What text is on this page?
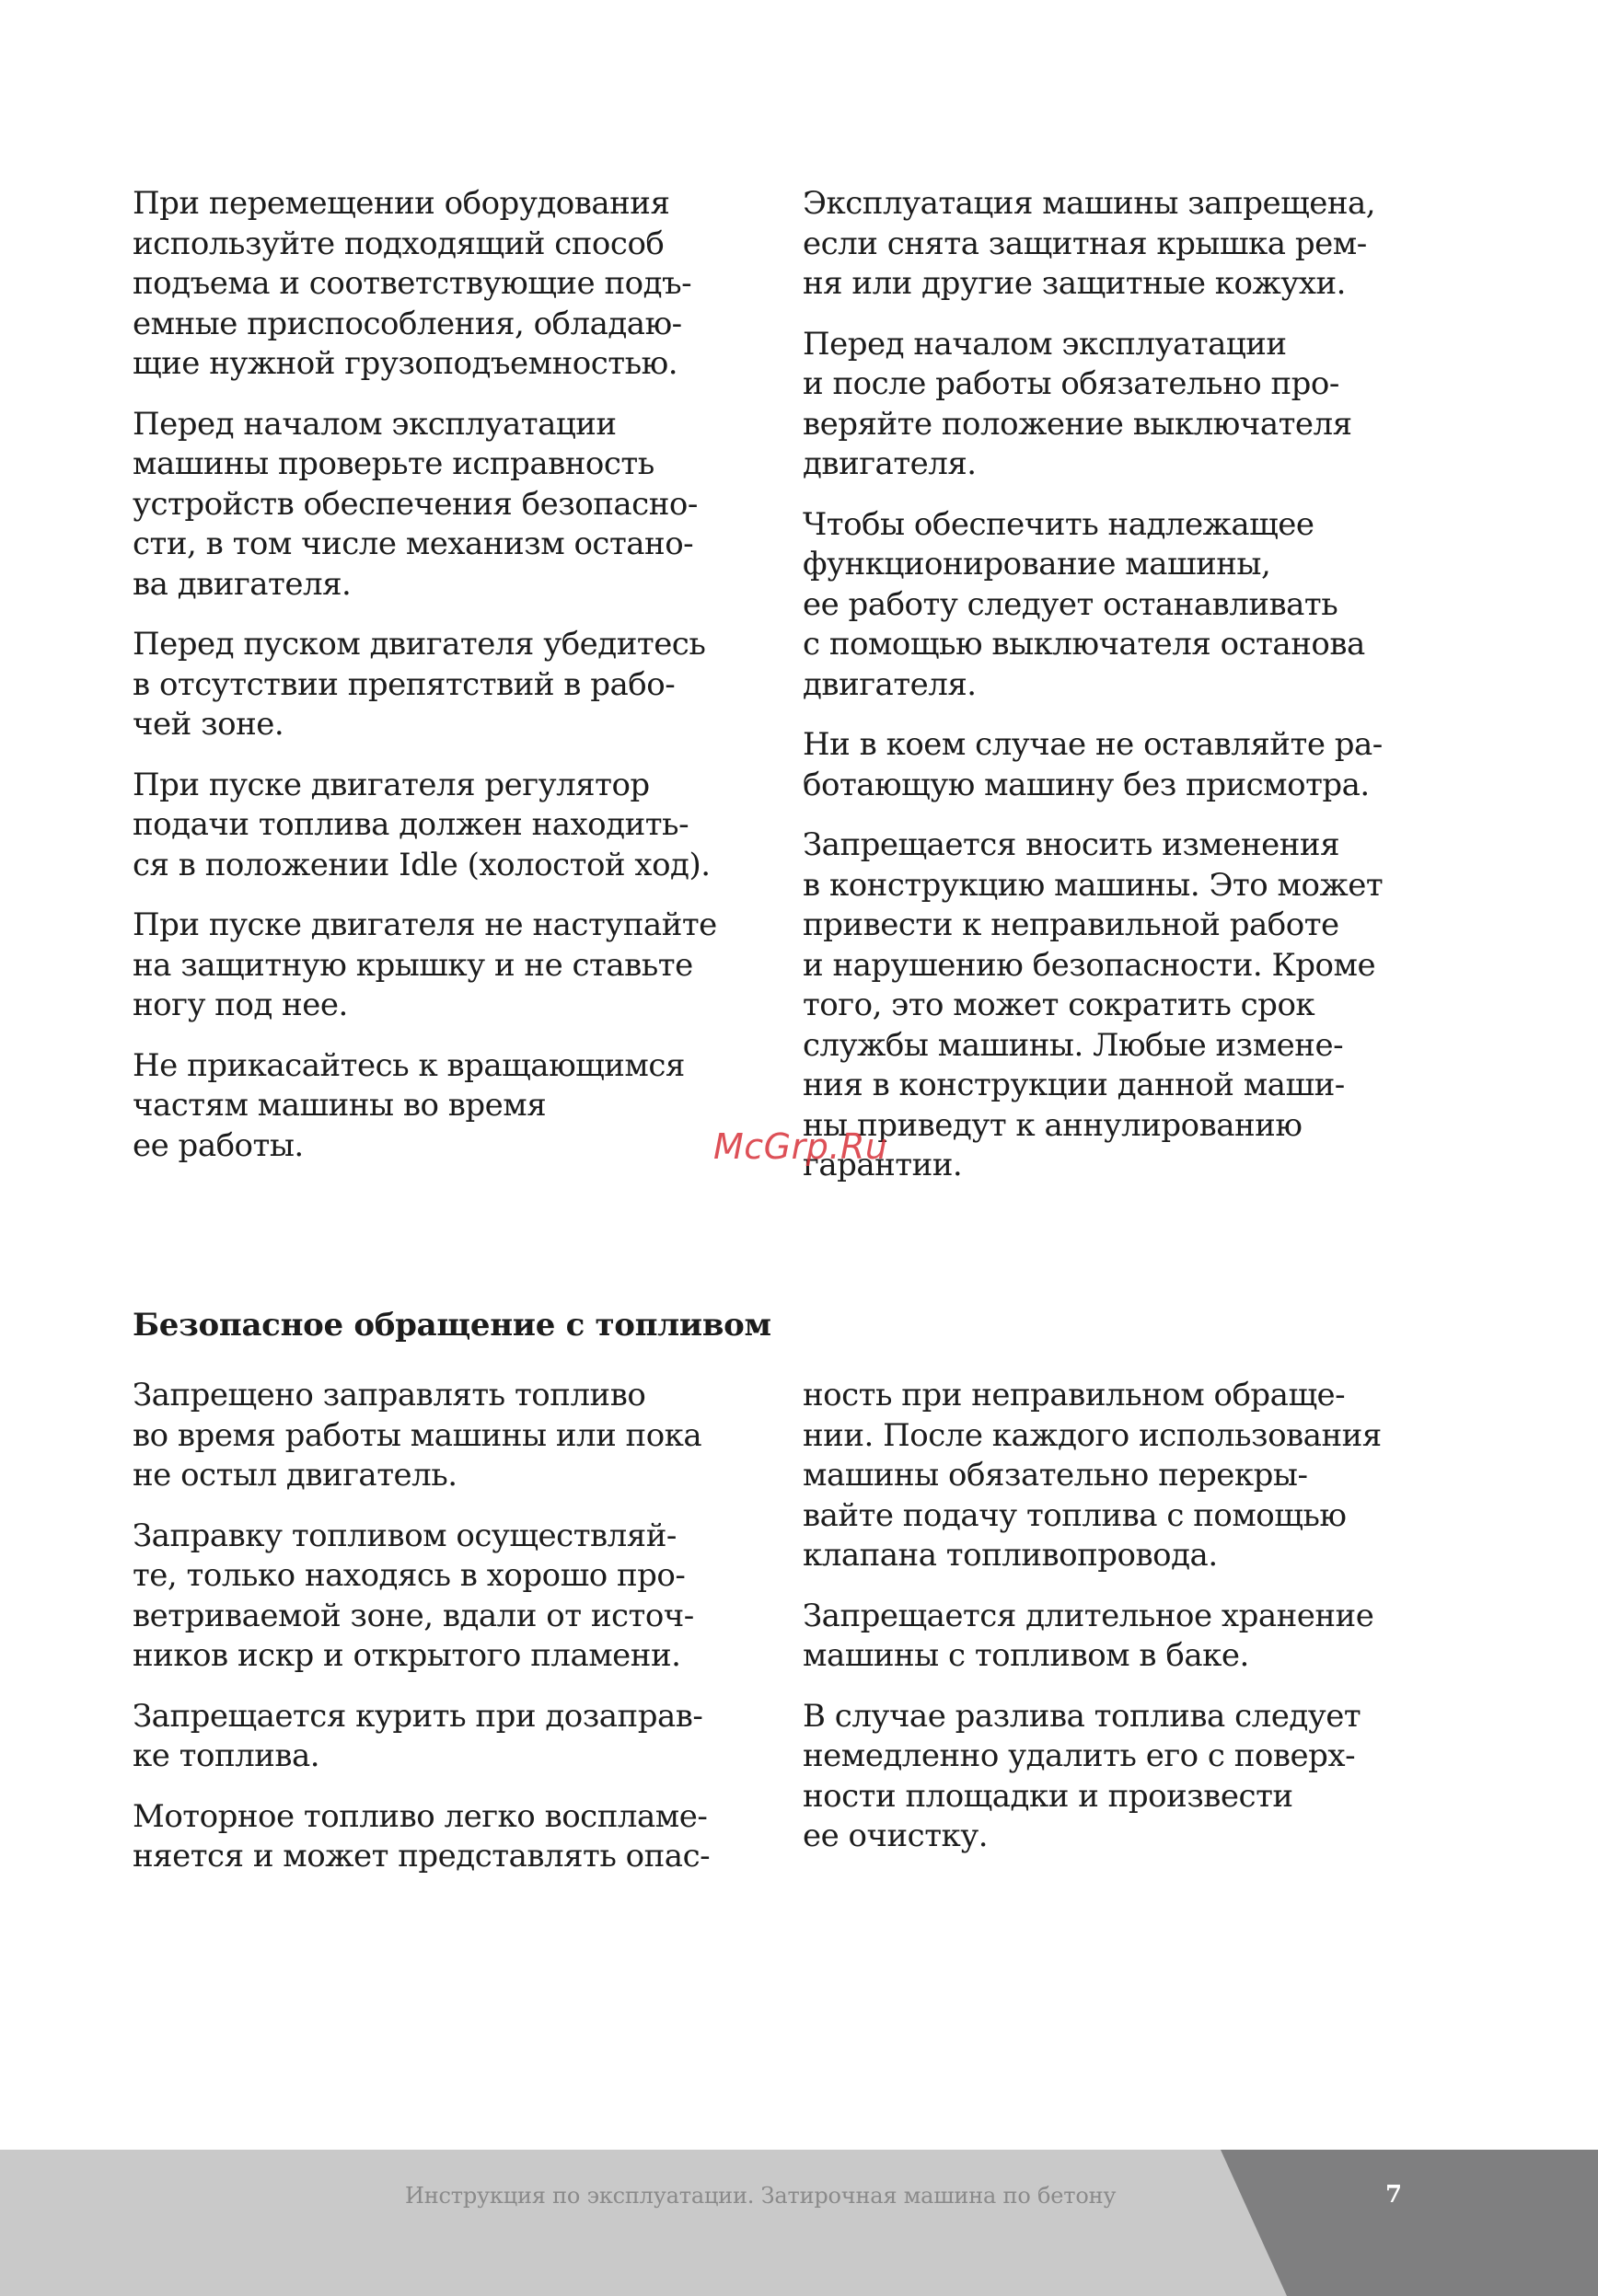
При перемещении оборудования
используйте подходящий способ
подъема и соответствующие подъ-
емные приспособления, обладаю-
щие нужной грузоподъемностью.

Перед началом эксплуатации
машины проверьте исправность
устройств обеспечения безопасно-
сти, в том числе механизм остано-
ва двигателя.

Перед пуском двигателя убедитесь
в отсутствии препятствий в рабо-
чей зоне.

При пуске двигателя регулятор
подачи топлива должен находить-
ся в положении Idle (холостой ход).

При пуске двигателя не наступайте
на защитную крышку и не ставьте
ногу под нее.

Не прикасайтесь к вращающимся
частям машины во время
ее работы.

Эксплуатация машины запрещена,
если снята защитная крышка рем-
ня или другие защитные кожухи.

Перед началом эксплуатации
и после работы обязательно про-
веряйте положение выключателя
двигателя.

Чтобы обеспечить надлежащее
функционирование машины,
ее работу следует останавливать
с помощью выключателя останова
двигателя.

Ни в коем случае не оставляйте ра-
ботающую машину без присмотра.

Запрещается вносить изменения
в конструкцию машины. Это может
привести к неправильной работе
и нарушению безопасности. Кроме
того, это может сократить срок
службы машины. Любые измене-
ния в конструкции данной маши-
ны приведут к аннулированию
гарантии.

McGrp.Ru
Безопасное обращение с топливом

Запрещено заправлять топливо
во время работы машины или пока
не остыл двигатель.

Заправку топливом осуществляй-
те, только находясь в хорошо про-
ветриваемой зоне, вдали от источ-
ников искр и открытого пламени.

Запрещается курить при дозаправ-
ке топлива.

Моторное топливо легко воспламе-
няется и может представлять опас-

ность при неправильном обраще-
нии. После каждого использования
машины обязательно перекры-
вайте подачу топлива с помощью
клапана топливопровода.

Запрещается длительное хранение
машины с топливом в баке.

В случае разлива топлива следует
немедленно удалить его с поверх-
ности площадки и произвести
ее очистку.

Инструкция по эксплуатации. Затирочная машина по бетону	7
